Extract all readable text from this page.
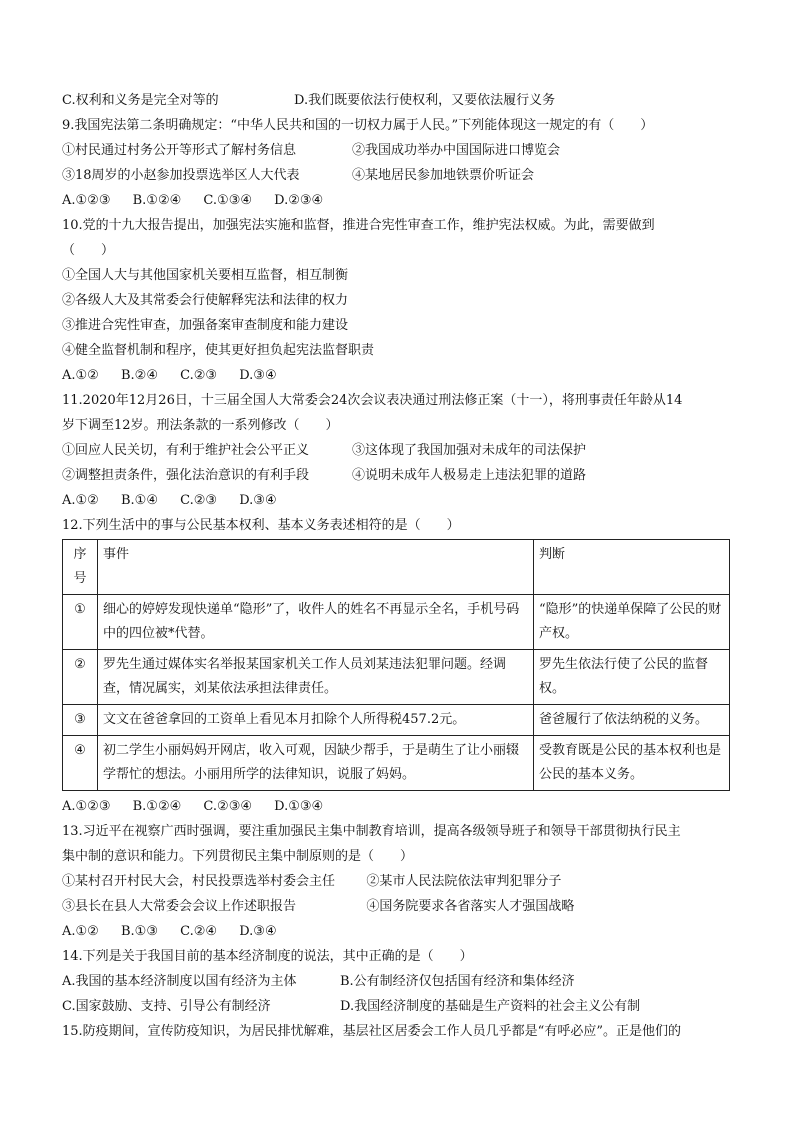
C.权利和义务是完全对等的	D.我们既要依法行使权利，又要依法履行义务
9.我国宪法第二条明确规定：“中华人民共和国的一切权力属于人民。”下列能体现这一规定的有（　　）
①村民通过村务公开等形式了解村务信息	②我国成功举办中国国际进口博览会
③18周岁的小赵参加投票选举区人大代表	④某地居民参加地铁票价听证会
A.①②③ B.①②④ C.①③④ D.②③④
10.党的十九大报告提出，加强宪法实施和监督，推进合宪性审查工作，维护宪法权威。为此，需要做到
（　　）
①全国人大与其他国家机关要相互监督，相互制衡
②各级人大及其常委会行使解释宪法和法律的权力
③推进合宪性审查，加强备案审查制度和能力建设
④健全监督机制和程序，使其更好担负起宪法监督职责
A.①② B.②④ C.②③ D.③④
11.2020年12月26日，十三届全国人大常委会24次会议表决通过刑法修正案（十一），将刑事责任年龄从14
岁下调至12岁。刑法条款的一系列修改（　　）
①回应人民关切，有利于维护社会公平正义	③这体现了我国加强对未成年的司法保护
②调整担责条件，强化法治意识的有利手段	④说明未成年人极易走上违法犯罪的道路
A.①② B.①④ C.②③ D.③④
12.下列生活中的事与公民基本权利、基本义务表述相符的是（　　）
序号	事件	判断
①	细心的婷婷发现快递单“隐形”了，收件人的姓名不再显示全名，手机号码中的四位被*代替。	“隐形”的快递单保障了公民的财产权。
②	罗先生通过媒体实名举报某国家机关工作人员刘某违法犯罪问题。经调查，情况属实，刘某依法承担法律责任。	罗先生依法行使了公民的监督权。
③	文文在爸爸拿回的工资单上看见本月扣除个人所得税457.2元。	爸爸履行了依法纳税的义务。
④	初二学生小丽妈妈开网店，收入可观，因缺少帮手，于是萌生了让小丽辍学帮忙的想法。小丽用所学的法律知识，说服了妈妈。	受教育既是公民的基本权利也是公民的基本义务。
A.①②③ B.①②④ C.②③④ D.①③④
13.习近平在视察广西时强调，要注重加强民主集中制教育培训，提高各级领导班子和领导干部贯彻执行民主
集中制的意识和能力。下列贯彻民主集中制原则的是（　　）
①某村召开村民大会，村民投票选举村委会主任	②某市人民法院依法审判犯罪分子
③县长在县人大常委会会议上作述职报告	④国务院要求各省落实人才强国战略
A.①② B.①③ C.②④ D.③④
14.下列是关于我国目前的基本经济制度的说法，其中正确的是（　　）
A.我国的基本经济制度以国有经济为主体	B.公有制经济仅包括国有经济和集体经济
C.国家鼓励、支持、引导公有制经济	D.我国经济制度的基础是生产资料的社会主义公有制
15.防疫期间，宣传防疫知识，为居民排忧解难，基层社区居委会工作人员几乎都是“有呼必应”。正是他们的
